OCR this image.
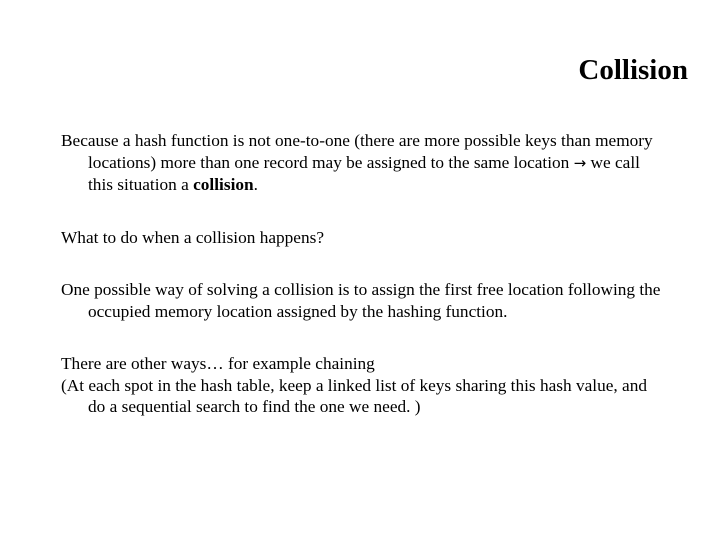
Collision

Because a hash function is not one-to-one (there are more possible keys than memory locations) more than one record may be assigned to the same location → we call this situation a collision.

What to do when a collision happens?

One possible way of solving a collision is to assign the first free location following the occupied memory location assigned by the hashing function.

There are other ways… for example chaining

(At each spot in the hash table, keep a linked list of keys sharing this hash value, and do a sequential search to find the one we need. )
